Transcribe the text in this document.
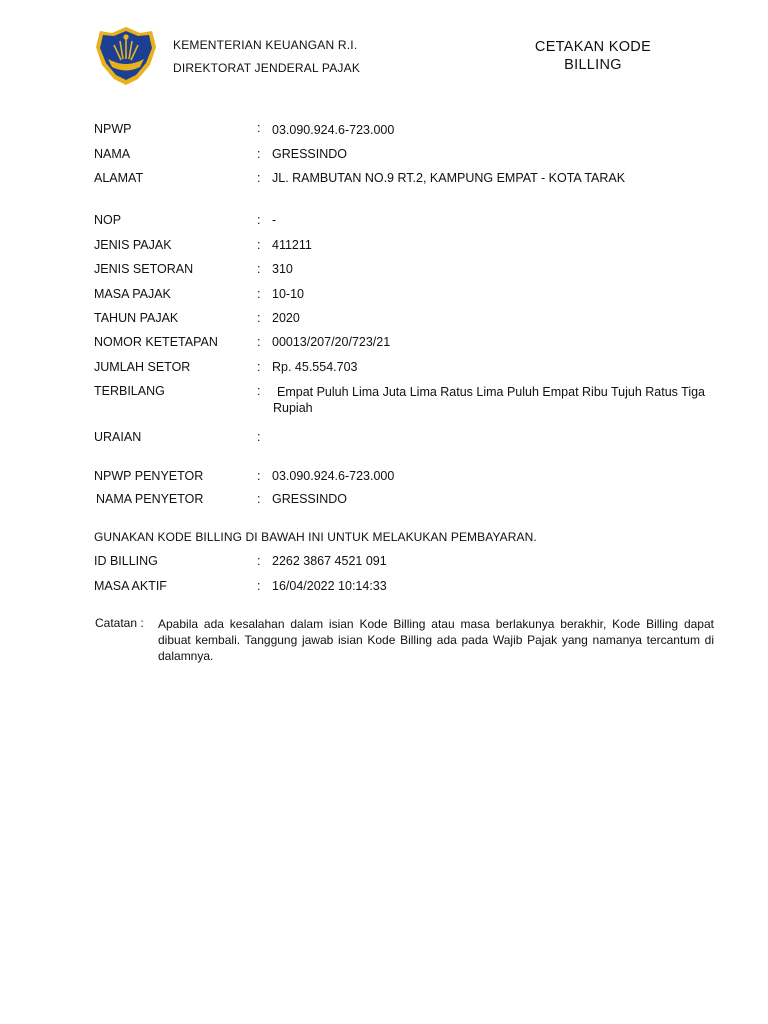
KEMENTERIAN KEUANGAN R.I.
DIREKTORAT JENDERAL PAJAK
CETAKAN KODE
BILLING
NPWP	: 03.090.924.6-723.000
NAMA	: GRESSINDO
ALAMAT	: JL. RAMBUTAN NO.9 RT.2, KAMPUNG EMPAT - KOTA TARAK
NOP	: -
JENIS PAJAK	: 411211
JENIS SETORAN	: 310
MASA PAJAK	: 10-10
TAHUN PAJAK	: 2020
NOMOR KETETAPAN	: 00013/207/20/723/21
JUMLAH SETOR	: Rp. 45.554.703
TERBILANG	:	Empat Puluh Lima Juta Lima Ratus Lima Puluh Empat Ribu Tujuh Ratus Tiga Rupiah
URAIAN	:
NPWP PENYETOR	: 03.090.924.6-723.000
NAMA PENYETOR	: GRESSINDO
GUNAKAN KODE BILLING DI BAWAH INI UNTUK MELAKUKAN PEMBAYARAN.
ID BILLING	: 2262 3867 4521 091
MASA AKTIF	: 16/04/2022 10:14:33
Catatan : Apabila ada kesalahan dalam isian Kode Billing atau masa berlakunya berakhir, Kode Billing dapat dibuat kembali. Tanggung jawab isian Kode Billing ada pada Wajib Pajak yang namanya tercantum di dalamnya.
